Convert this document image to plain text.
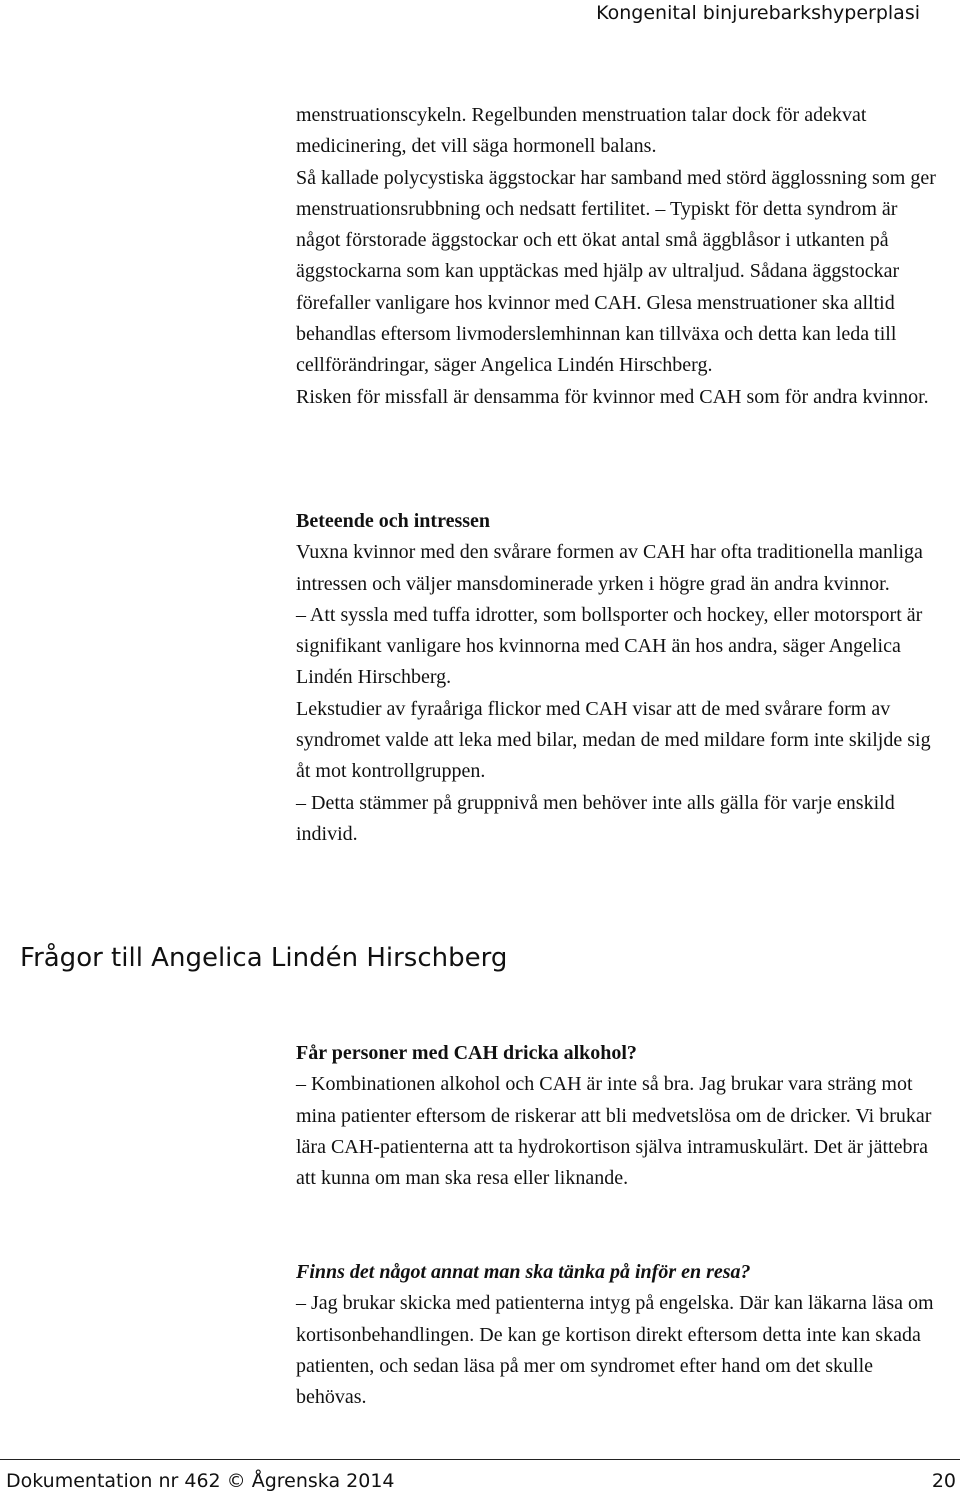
Kongenital binjurebarkshyperplasi

menstruationscykeln. Regelbunden menstruation talar dock för adekvat medicinering, det vill säga hormonell balans.

Så kallade polycystiska äggstockar har samband med störd ägglossning som ger menstruationsrubbning och nedsatt fertilitet. – Typiskt för detta syndrom är något förstorade äggstockar och ett ökat antal små äggblåsor i utkanten på äggstockarna som kan upptäckas med hjälp av ultraljud. Sådana äggstockar förefaller vanligare hos kvinnor med CAH. Glesa menstruationer ska alltid behandlas eftersom livmoderslemhinnan kan tillväxa och detta kan leda till cellförändringar, säger Angelica Lindén Hirschberg.

Risken för missfall är densamma för kvinnor med CAH som för andra kvinnor.

Beteende och intressen

Vuxna kvinnor med den svårare formen av CAH har ofta traditionella manliga intressen och väljer mansdominerade yrken i högre grad än andra kvinnor.

– Att syssla med tuffa idrotter, som bollsporter och hockey, eller motorsport är signifikant vanligare hos kvinnorna med CAH än hos andra, säger Angelica Lindén Hirschberg.

Lekstudier av fyraåriga flickor med CAH visar att de med svårare form av syndromet valde att leka med bilar, medan de med mildare form inte skiljde sig åt mot kontrollgruppen.

– Detta stämmer på gruppnivå men behöver inte alls gälla för varje enskild individ.

Frågor till Angelica Lindén Hirschberg

Får personer med CAH dricka alkohol?

– Kombinationen alkohol och CAH är inte så bra. Jag brukar vara sträng mot mina patienter eftersom de riskerar att bli medvetslösa om de dricker. Vi brukar lära CAH-patienterna att ta hydrokortison själva intramuskulärt. Det är jättebra att kunna om man ska resa eller liknande.

Finns det något annat man ska tänka på inför en resa?

– Jag brukar skicka med patienterna intyg på engelska. Där kan läkarna läsa om kortisonbehandlingen. De kan ge kortison direkt eftersom detta inte kan skada patienten, och sedan läsa på mer om syndromet efter hand om det skulle behövas.

Dokumentation nr 462 © Ågrenska 2014	20
